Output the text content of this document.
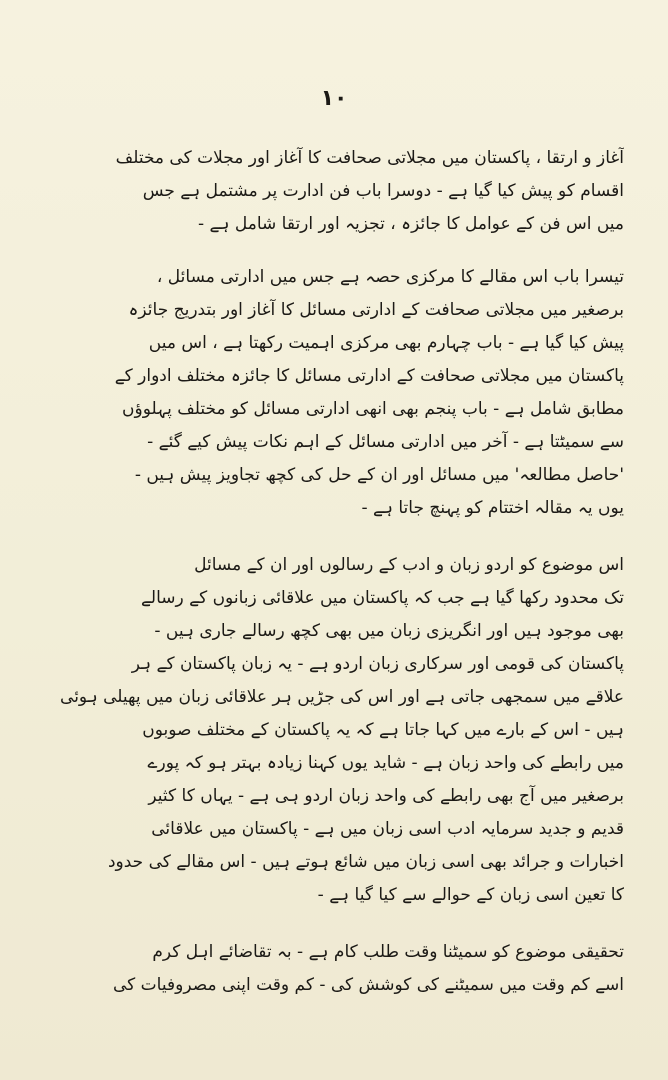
۱۰
آغاز و ارتقا ، پاکستان میں مجلاتی صحافت کا آغاز اور مجلات کی مختلف
اقسام کو پیش کیا گیا ہے - دوسرا باب فن ادارت پر مشتمل ہے جس
میں اس فن کے عوامل کا جائزہ ، تجزیہ اور ارتقا شامل ہے -
تیسرا باب اس مقالے کا مرکزی حصہ ہے جس میں ادارتی مسائل ،
برصغیر میں مجلاتی صحافت کے ادارتی مسائل کا آغاز اور بتدریج جائزہ
پیش کیا گیا ہے - باب چہارم بھی مرکزی اہمیت رکھتا ہے ، اس میں
پاکستان میں مجلاتی صحافت کے ادارتی مسائل کا جائزہ مختلف ادوار کے
مطابق شامل ہے - باب پنجم بھی انھی ادارتی مسائل کو مختلف پہلوؤں
سے سمیٹتا ہے - آخر میں ادارتی مسائل کے اہم نکات پیش کیے گئے -
'حاصل مطالعہ' میں مسائل اور ان کے حل کی کچھ تجاویز پیش ہیں -
یوں یہ مقالہ اختتام کو پہنچ جاتا ہے -
اس موضوع کو اردو زبان و ادب کے رسالوں اور ان کے مسائل
تک محدود رکھا گیا ہے جب کہ پاکستان میں علاقائی زبانوں کے رسالے
بھی موجود ہیں اور انگریزی زبان میں بھی کچھ رسالے جاری ہیں -
پاکستان کی قومی اور سرکاری زبان اردو ہے - یہ زبان پاکستان کے ہر
علاقے میں سمجھی جاتی ہے اور اس کی جڑیں ہر علاقائی زبان میں پھیلی ہوئی
ہیں - اس کے بارے میں کہا جاتا ہے کہ یہ پاکستان کے مختلف صوبوں
میں رابطے کی واحد زبان ہے - شاید یوں کہنا زیادہ بہتر ہو کہ پورے
برصغیر میں آج بھی رابطے کی واحد زبان اردو ہی ہے - یہاں کا کثیر
قدیم و جدید سرمایہ ادب اسی زبان میں ہے - پاکستان میں علاقائی
اخبارات و جرائد بھی اسی زبان میں شائع ہوتے ہیں - اس مقالے کی حدود
کا تعین اسی زبان کے حوالے سے کیا گیا ہے -
تحقیقی موضوع کو سمیٹنا وقت طلب کام ہے - بہ تقاضائے اہل کرم
اسے کم وقت میں سمیٹنے کی کوشش کی - کم وقت اپنی مصروفیات کی
